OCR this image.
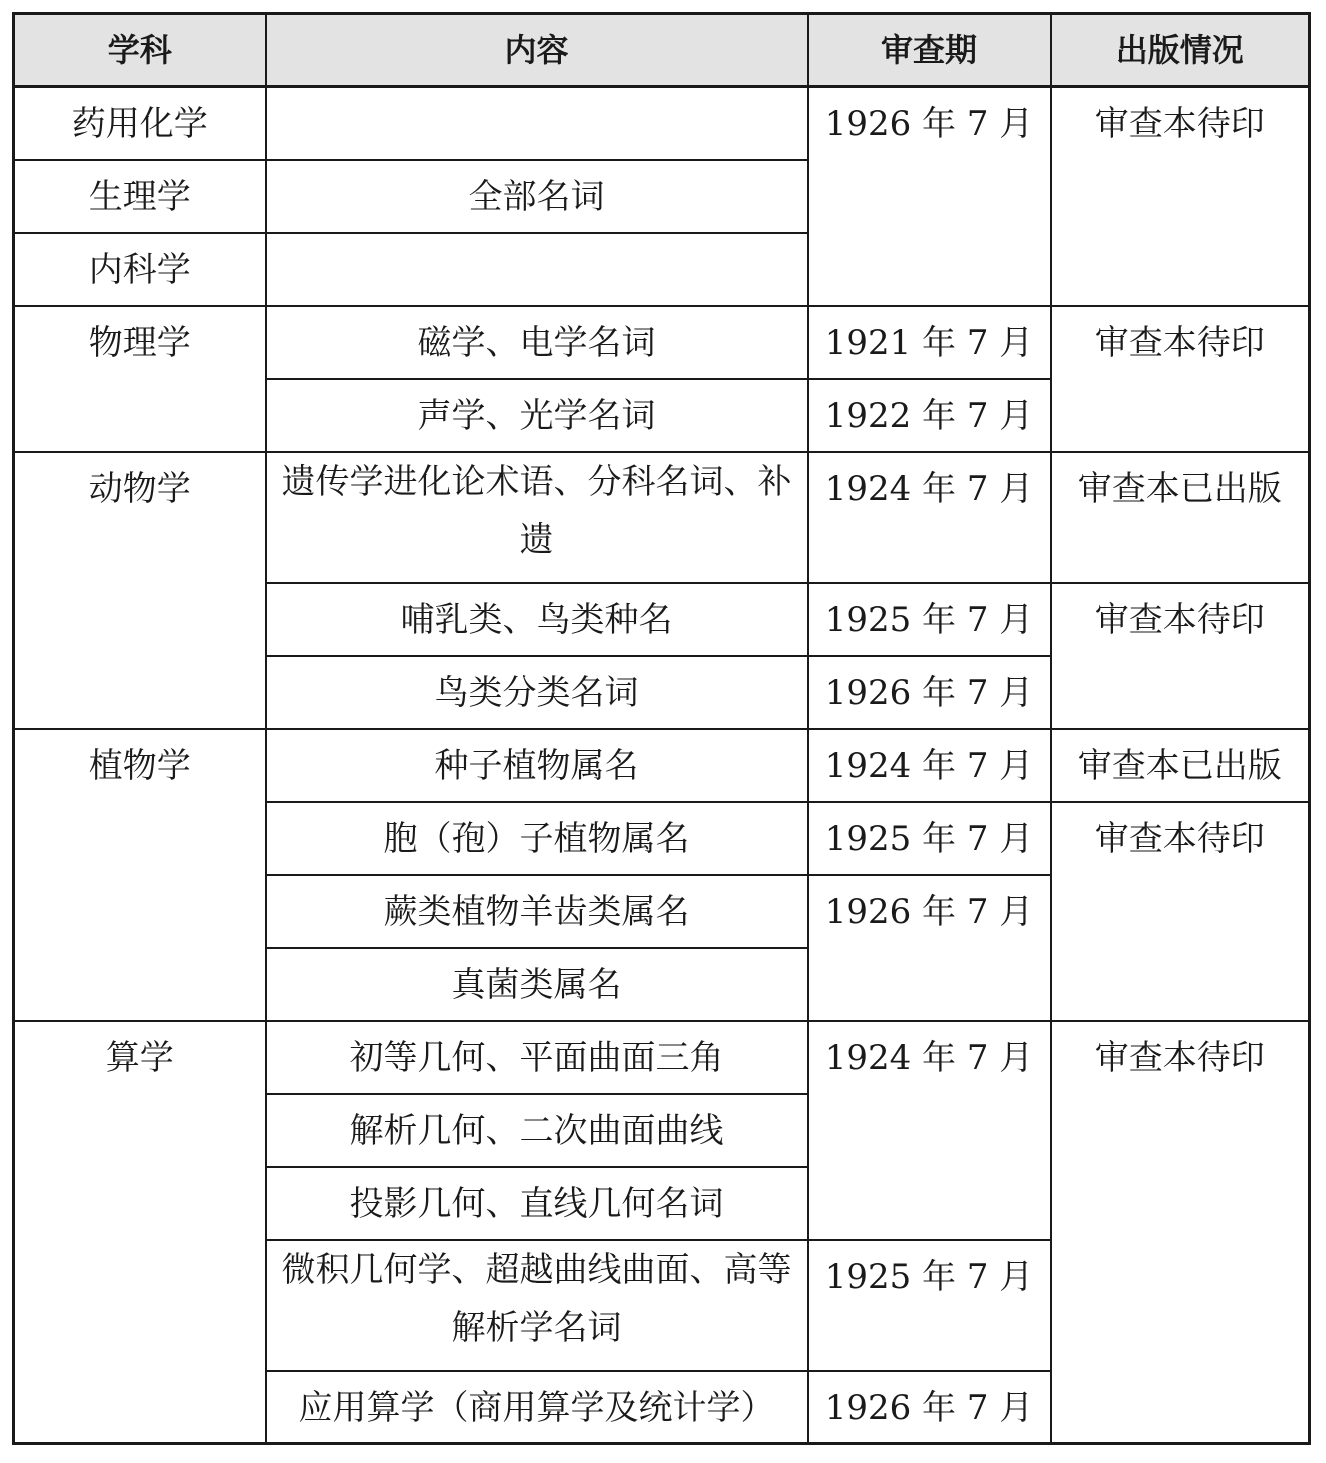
学科	内容	审查期	出版情况
药用化学		1926 年 7 月	审查本待印
生理学	全部名词		
内科学			
物理学	磁学、电学名词	1921 年 7 月	审查本待印
	声学、光学名词	1922 年 7 月	
动物学	遗传学进化论术语、分科名词、补遗	1924 年 7 月	审查本已出版
	哺乳类、鸟类种名	1925 年 7 月	审查本待印
	鸟类分类名词	1926 年 7 月	
植物学	种子植物属名	1924 年 7 月	审查本已出版
	胞（孢）子植物属名	1925 年 7 月	审查本待印
	蕨类植物羊齿类属名	1926 年 7 月	
	真菌类属名		
算学	初等几何、平面曲面三角	1924 年 7 月	审查本待印
	解析几何、二次曲面曲线		
	投影几何、直线几何名词		
	微积几何学、超越曲线曲面、高等解析学名词	1925 年 7 月	
	应用算学（商用算学及统计学）	1926 年 7 月	
